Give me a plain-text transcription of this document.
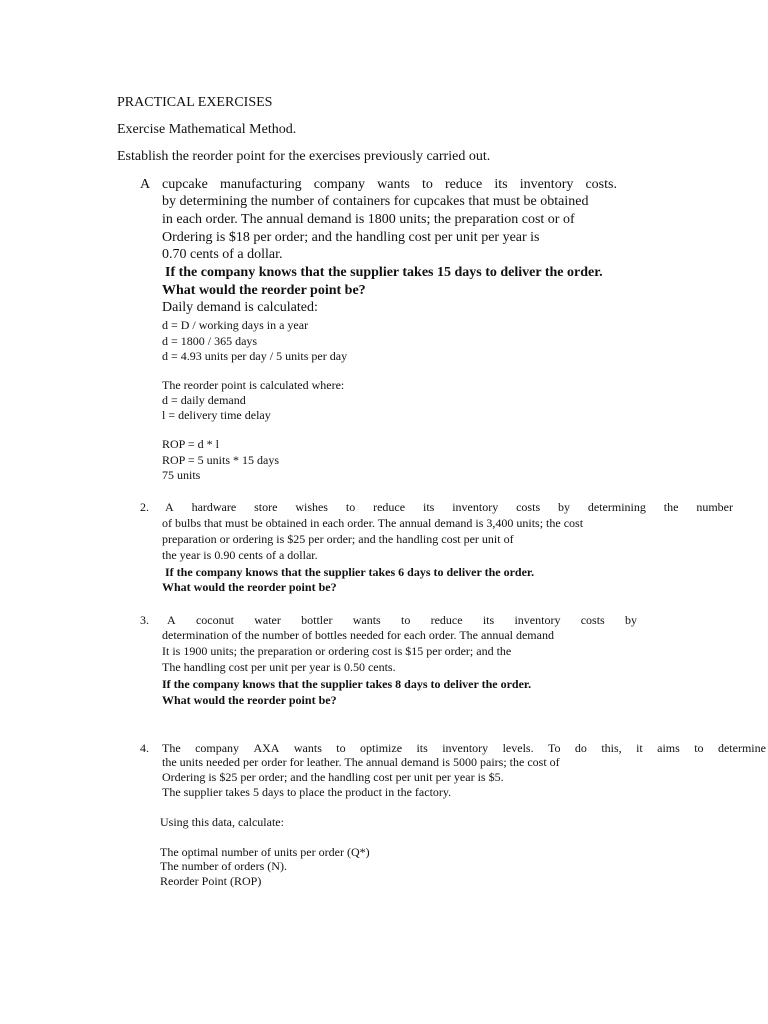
PRACTICAL EXERCISES
Exercise Mathematical Method.
Establish the reorder point for the exercises previously carried out.
A cupcake manufacturing company wants to reduce its inventory costs.
by determining the number of containers for cupcakes that must be obtained
in each order. The annual demand is 1800 units; the preparation cost or of
Ordering is $18 per order; and the handling cost per unit per year is
0.70 cents of a dollar.
If the company knows that the supplier takes 15 days to deliver the order.
What would the reorder point be?
Daily demand is calculated:
d = D / working days in a year
d = 1800 / 365 days
d = 4.93 units per day / 5 units per day
The reorder point is calculated where:
d = daily demand
l = delivery time delay
ROP = d * l
ROP = 5 units * 15 days
75 units
2. A hardware store wishes to reduce its inventory costs by determining the number
of bulbs that must be obtained in each order. The annual demand is 3,400 units; the cost
preparation or ordering is $25 per order; and the handling cost per unit of
the year is 0.90 cents of a dollar.
If the company knows that the supplier takes 6 days to deliver the order.
What would the reorder point be?
3. A coconut water bottler wants to reduce its inventory costs by
determination of the number of bottles needed for each order. The annual demand
It is 1900 units; the preparation or ordering cost is $15 per order; and the
The handling cost per unit per year is 0.50 cents.
If the company knows that the supplier takes 8 days to deliver the order.
What would the reorder point be?
4. The company AXA wants to optimize its inventory levels. To do this, it aims to determine
the units needed per order for leather. The annual demand is 5000 pairs; the cost of
Ordering is $25 per order; and the handling cost per unit per year is $5.
The supplier takes 5 days to place the product in the factory.
Using this data, calculate:
The optimal number of units per order (Q*)
The number of orders (N).
Reorder Point (ROP)
